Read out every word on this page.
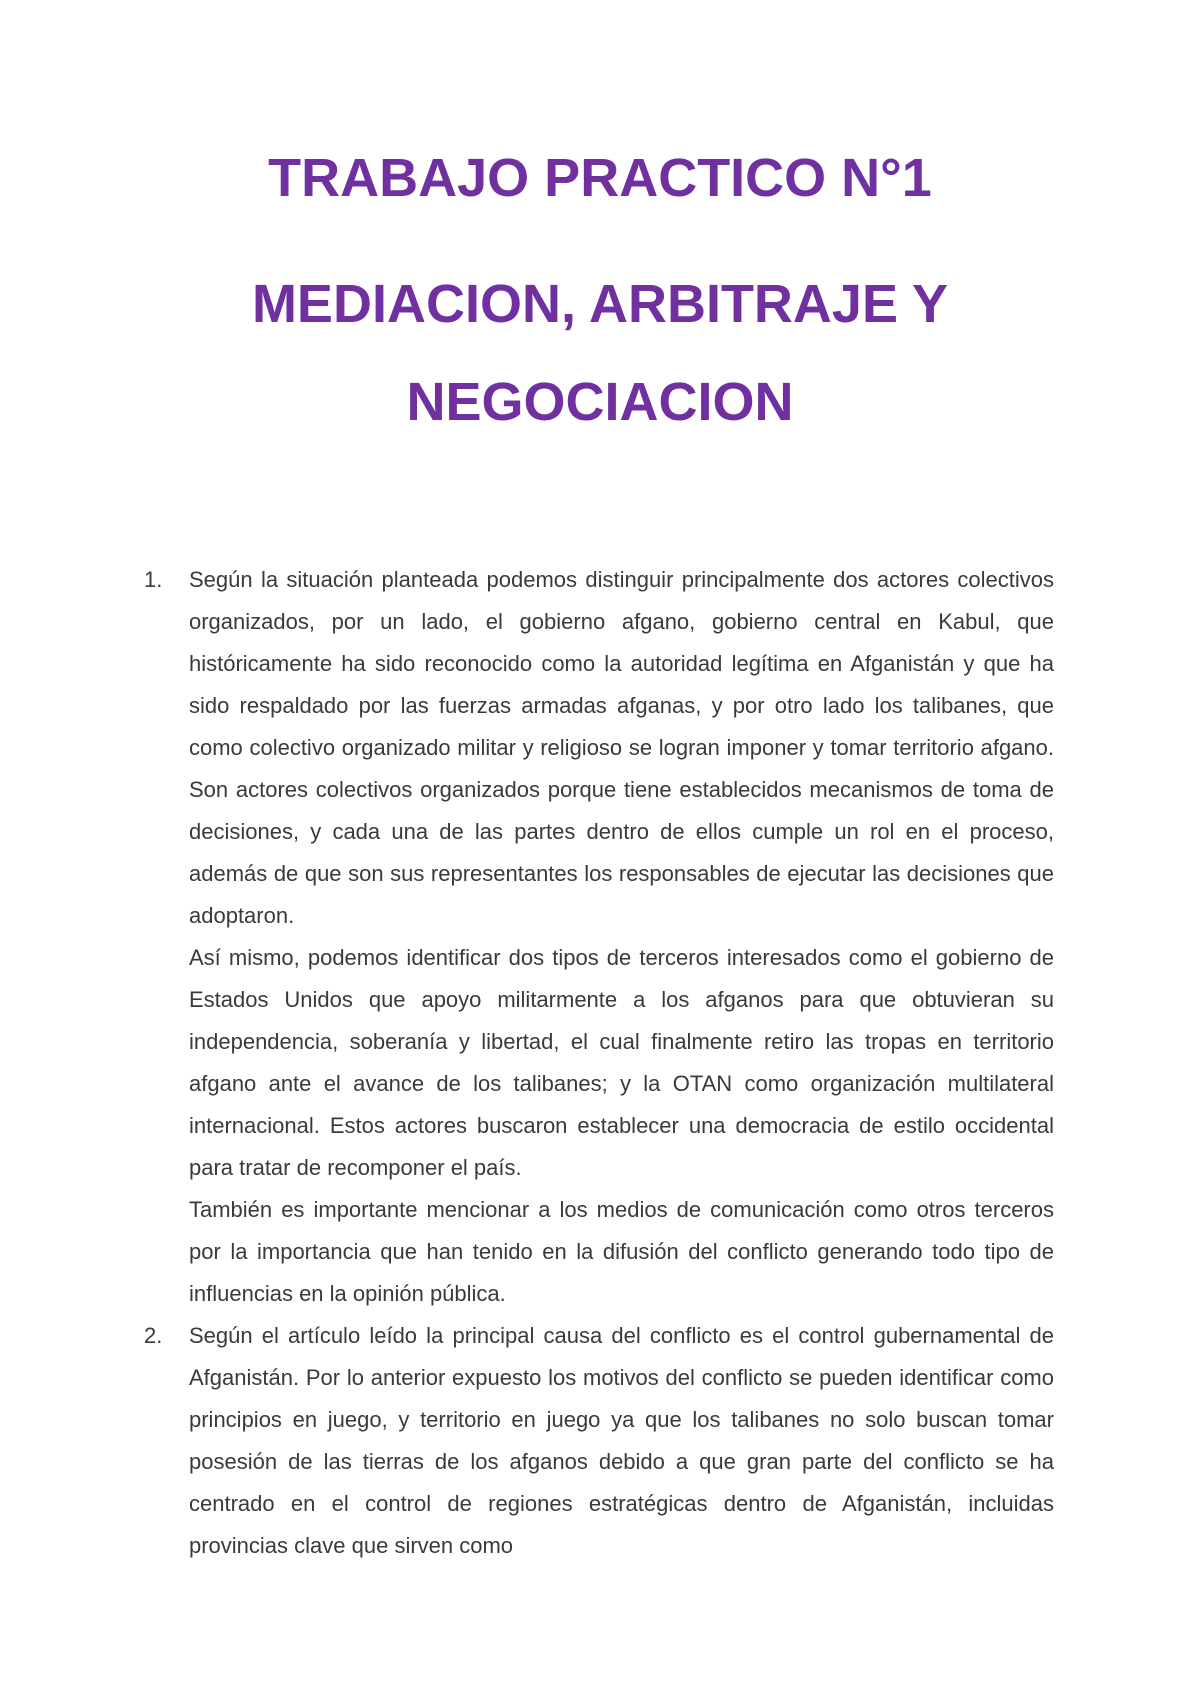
TRABAJO PRACTICO N°1
MEDIACION, ARBITRAJE Y
NEGOCIACION
1. Según la situación planteada podemos distinguir principalmente dos actores colectivos organizados, por un lado, el gobierno afgano, gobierno central en Kabul, que históricamente ha sido reconocido como la autoridad legítima en Afganistán y que ha sido respaldado por las fuerzas armadas afganas, y por otro lado los talibanes, que como colectivo organizado militar y religioso se logran imponer y tomar territorio afgano. Son actores colectivos organizados porque tiene establecidos mecanismos de toma de decisiones, y cada una de las partes dentro de ellos cumple un rol en el proceso, además de que son sus representantes los responsables de ejecutar las decisiones que adoptaron.

Así mismo, podemos identificar dos tipos de terceros interesados como el gobierno de Estados Unidos que apoyo militarmente a los afganos para que obtuvieran su independencia, soberanía y libertad, el cual finalmente retiro las tropas en territorio afgano ante el avance de los talibanes; y la OTAN como organización multilateral internacional. Estos actores buscaron establecer una democracia de estilo occidental para tratar de recomponer el país.

También es importante mencionar a los medios de comunicación como otros terceros por la importancia que han tenido en la difusión del conflicto generando todo tipo de influencias en la opinión pública.

2. Según el artículo leído la principal causa del conflicto es el control gubernamental de Afganistán. Por lo anterior expuesto los motivos del conflicto se pueden identificar como principios en juego, y territorio en juego ya que los talibanes no solo buscan tomar posesión de las tierras de los afganos debido a que gran parte del conflicto se ha centrado en el control de regiones estratégicas dentro de Afganistán, incluidas provincias clave que sirven como
